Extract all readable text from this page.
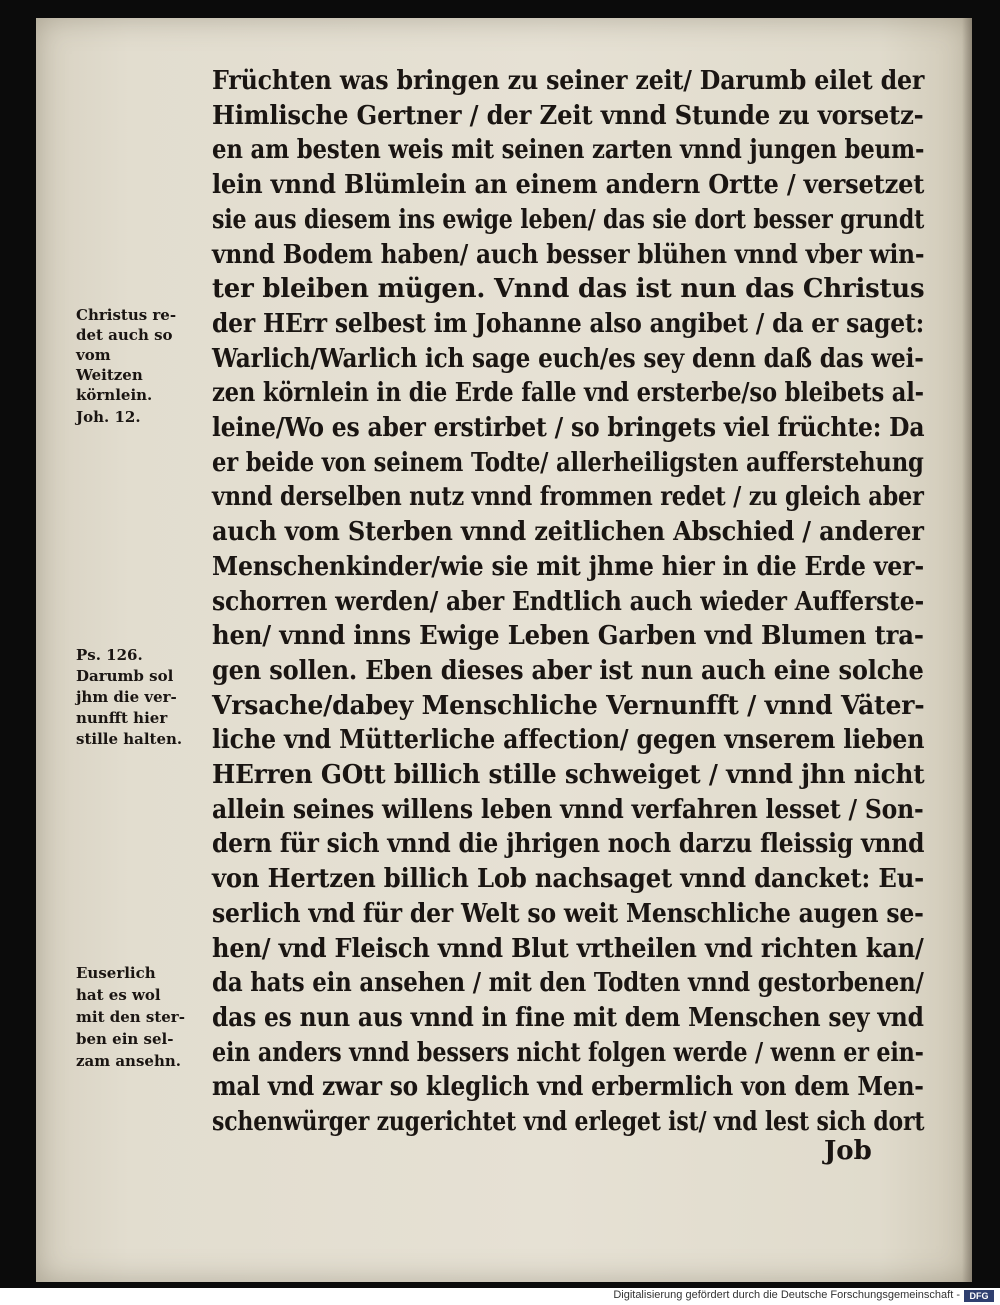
Früchten was bringen zu seiner zeit/ Darumb eilet der
Himlische Gertner / der Zeit vnnd Stunde zu vorsetz-
en am besten weis mit seinen zarten vnnd jungen beum-
lein vnnd Blümlein an einem andern Ortte / versetzet
sie aus diesem ins ewige leben/ das sie dort besser grundt
vnnd Bodem haben/ auch besser blühen vnnd vber win-
ter bleiben mügen. Vnnd das ist nun das Christus
der HErr selbest im Johanne also angibet / da er saget:
Warlich/Warlich ich sage euch/es sey denn daß das wei-
zen körnlein in die Erde falle vnd ersterbe/so bleibets al-
leine/Wo es aber erstirbet / so bringets viel früchte: Da
er beide von seinem Todte/ allerheiligsten aufferstehung
vnnd derselben nutz vnnd frommen redet / zu gleich aber
auch vom Sterben vnnd zeitlichen Abschied / anderer
Menschenkinder/wie sie mit jhme hier in die Erde ver-
schorren werden/ aber Endtlich auch wieder Aufferste-
hen/ vnnd inns Ewige Leben Garben vnd Blumen tra-
gen sollen. Eben dieses aber ist nun auch eine solche
Vrsache/dabey Menschliche Vernunfft / vnnd Väter-
liche vnd Mütterliche affection/ gegen vnserem lieben
HErren GOtt billich stille schweiget / vnnd jhn nicht
allein seines willens leben vnnd verfahren lesset / Son-
dern für sich vnnd die jhrigen noch darzu fleissig vnnd
von Hertzen billich Lob nachsaget vnnd dancket: Eu-
serlich vnd für der Welt so weit Menschliche augen se-
hen/ vnd Fleisch vnnd Blut vrtheilen vnd richten kan/
da hats ein ansehen / mit den Todten vnnd gestorbenen/
das es nun aus vnnd in fine mit dem Menschen sey vnd
ein anders vnnd bessers nicht folgen werde / wenn er ein-
mal vnd zwar so kleglich vnd erbermlich von dem Men-
schenwürger zugerichtet vnd erleget ist/ vnd lest sich dort
Christus re-
det auch so
vom
Weitzen
körnlein.
Joh. 12.
Ps. 126.
Darumb sol
jhm die ver-
nunfft hier
stille halten.
Euserlich
hat es wol
mit den ster-
ben ein sel-
zam ansehn.
Job
Digitalisierung gefördert durch die Deutsche Forschungsgemeinschaft -	DFG
